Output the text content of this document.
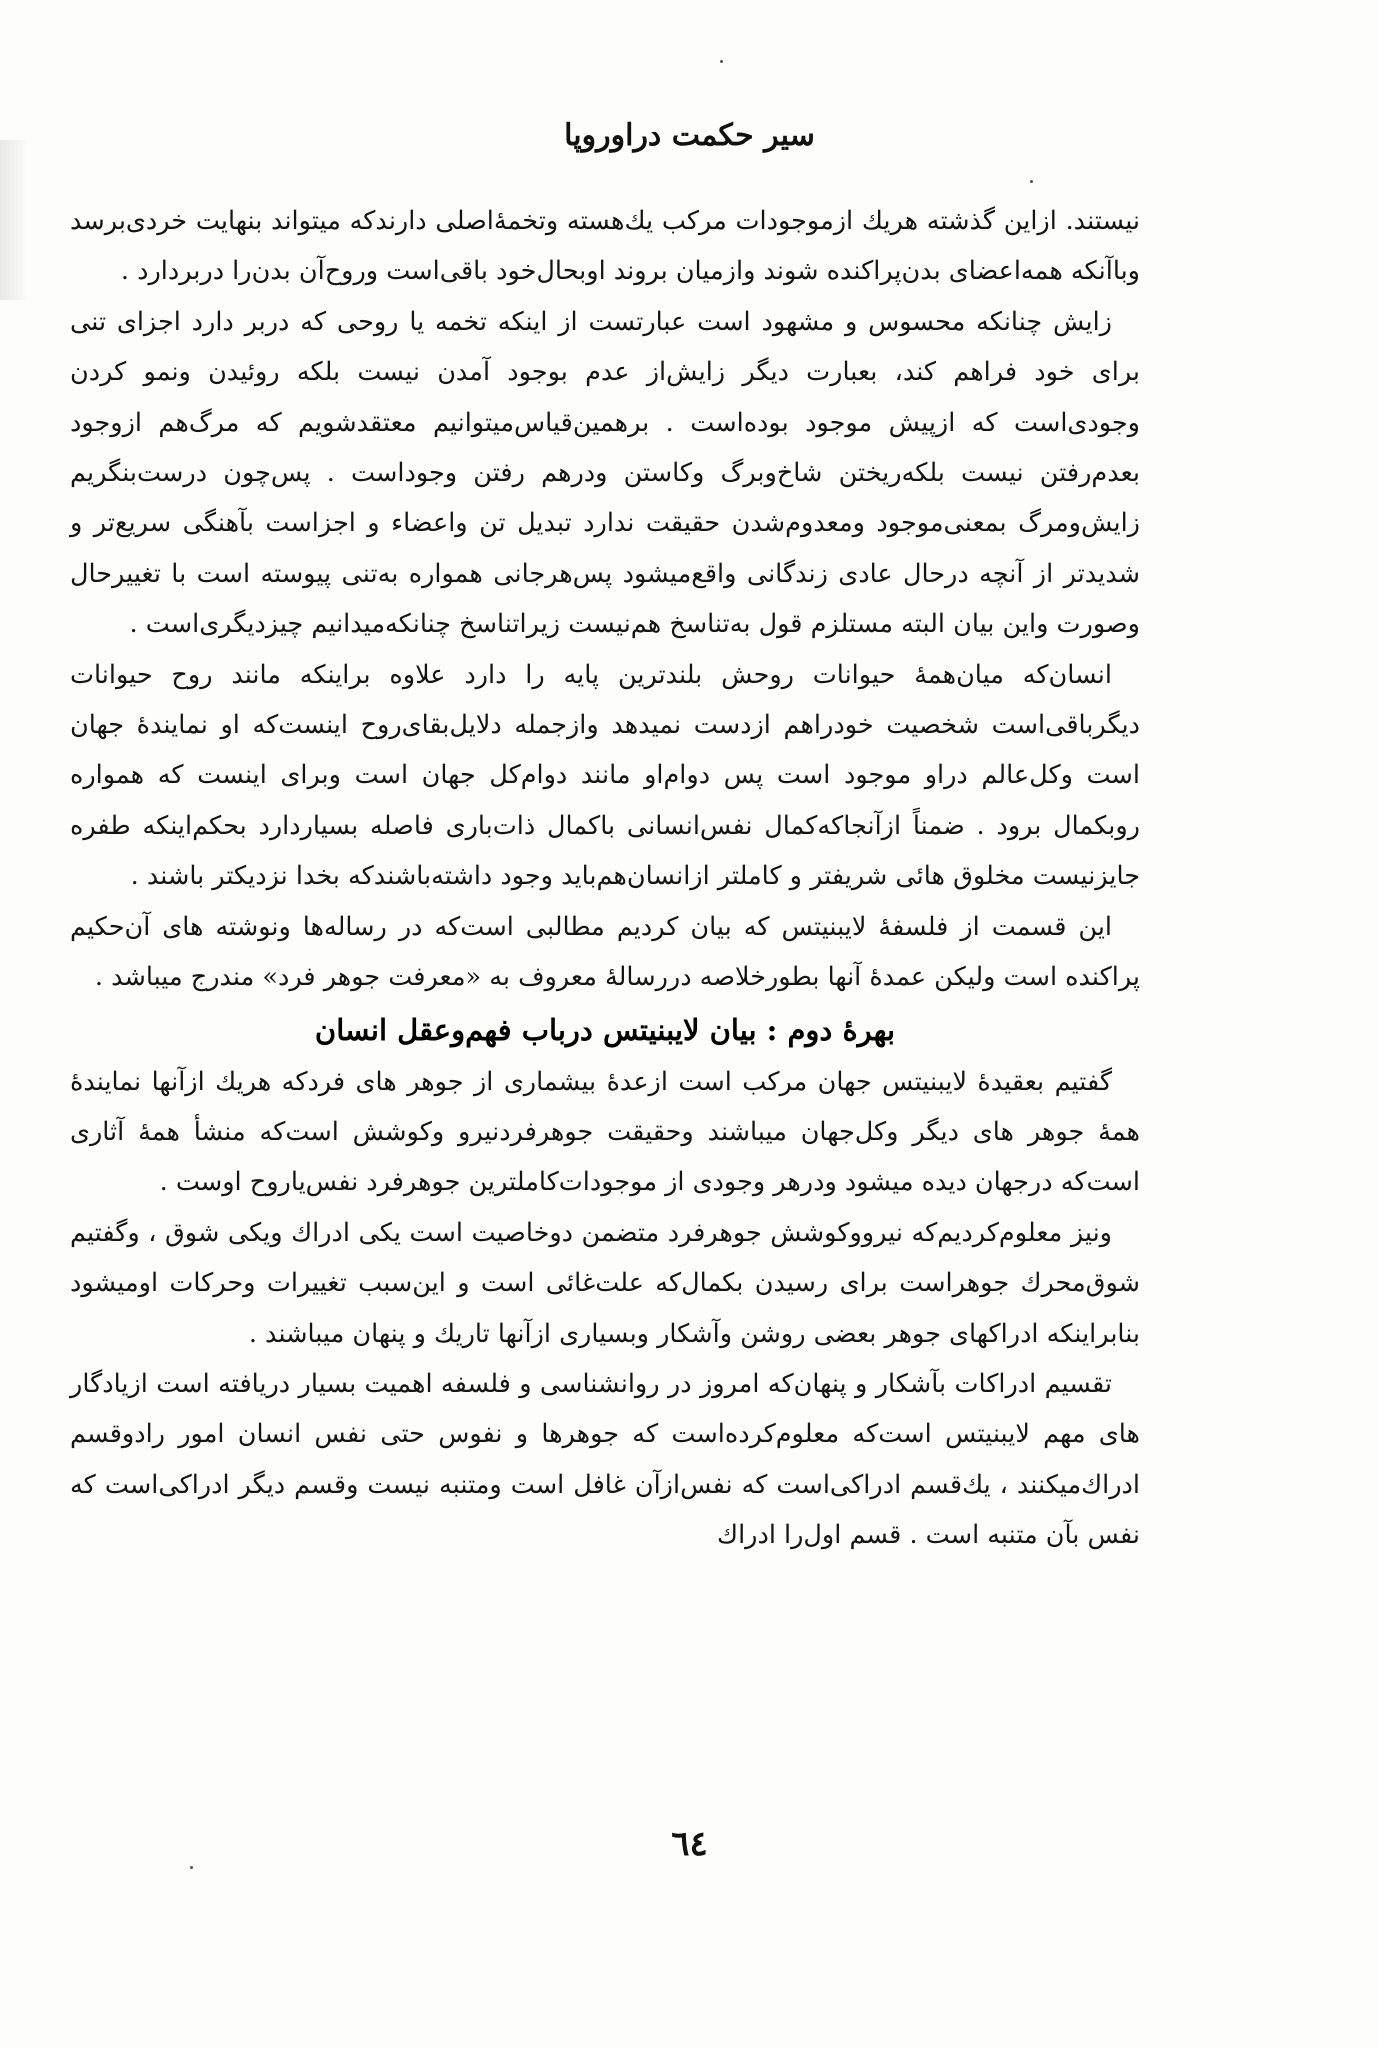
سیر حکمت دراوروپا

نیستند. ازاین گذشته هریك ازموجودات مرکب یك‌هسته وتخمهٔ‌اصلی دارندکه میتواند بنهایت خردی‌برسد وباآنکه همه‌اعضای بدن‌پراکنده شوند وازمیان بروند اوبحال‌خود باقی‌است ‌وروح‌آن بدن‌را دربردارد .

زایش چنانکه محسوس و مشهود است عبارتست از اینکه تخمه یا روحی که دربر دارد اجزای تنی برای خود فراهم کند، بعبارت دیگر زایش‌از عدم بوجود آمدن نیست بلکه روئیدن ونمو کردن وجودی‌است که ازپیش موجود بوده‌است . برهمین‌قیاس‌میتوانیم معتقدشویم که مرگ‌هم ازوجود بعدم‌رفتن نیست بلکه‌ریختن شاخ‌وبرگ وکاستن ودرهم رفتن وجوداست . پس‌چون درست‌بنگریم زایش‌ومرگ بمعنی‌موجود ومعدوم‌شدن حقیقت ندارد تبدیل تن واعضاء و اجزاست بآهنگی سریع‌تر و شدیدتر از آنچه درحال عادی زندگانی واقع‌میشود پس‌هرجانی همواره به‌تنی پیوسته است با تغییرحال وصورت واین بیان البته مستلزم قول به‌تناسخ هم‌نیست زیراتناسخ چنانکه‌میدانیم چیزدیگری‌است .

انسان‌که میان‌همهٔ حیوانات روحش بلندترین پایه را دارد علاوه براینکه مانند روح حیوانات دیگرباقی‌است شخصیت خودراهم ازدست نمیدهد وازجمله دلایل‌بقای‌روح اینست‌که او نمایندهٔ جهان است وکل‌عالم دراو موجود است پس دوام‌او مانند دوام‌کل جهان است وبرای اینست که همواره روبکمال برود . ضمناً ازآنجاکه‌کمال نفس‌انسانی باکمال ذات‌باری فاصله بسیاردارد بحکم‌اینکه طفره جایز‌نیست مخلوق هائی شریفتر و کاملتر ازانسان‌هم‌باید وجود داشته‌باشندکه بخدا نزدیکتر باشند .

این قسمت از فلسفهٔ لایبنیتس که بیان کردیم مطالبی است‌که در رساله‌ها ونوشته های آن‌حکیم پراکنده است ولیکن عمدهٔ آنها بطورخلاصه دررسالهٔ معروف به «معرفت جوهر فرد» مندرج میباشد .

بهرهٔ دوم : بیان لایبنیتس درباب فهم‌وعقل انسان

گفتیم بعقیدهٔ لایبنیتس جهان مرکب است ازعدهٔ بیشماری از جوهر های فردکه هریك ازآنها نمایندهٔ همهٔ جوهر های دیگر وکل‌جهان میباشند وحقیقت جوهرفردنیرو وکوشش است‌که منشأ همهٔ آثاری است‌که درجهان دیده میشود ودرهر وجودی از موجودات‌کاملترین جوهرفرد نفس‌یاروح اوست .

ونیز معلوم‌کردیم‌که نیروو‌کوشش جوهرفرد متضمن دوخاصیت است یکی ادراك ویکی شوق ، وگفتیم شوق‌محرك جوهراست برای رسیدن بکمال‌که علت‌غائی است و این‌سبب تغییرات وحرکات اومیشود بنابراینکه ادراکهای جوهر بعضی روشن وآشکار وبسیاری ازآنها تاریك و پنهان میباشند .

تقسیم ادراکات بآشکار و پنهان‌که امروز در روانشناسی و فلسفه اهمیت بسیار دریافته است ازیادگار های مهم لایبنیتس است‌که معلوم‌کرده‌است که جوهرها و نفوس حتی نفس انسان امور رادوقسم ادراك‌میکنند ، یك‌قسم ادراکی‌است که نفس‌ازآن غافل است ومتنبه نیست وقسم دیگر ادراکی‌است که نفس بآن متنبه است . قسم اول‌را ادراك

٦٤
